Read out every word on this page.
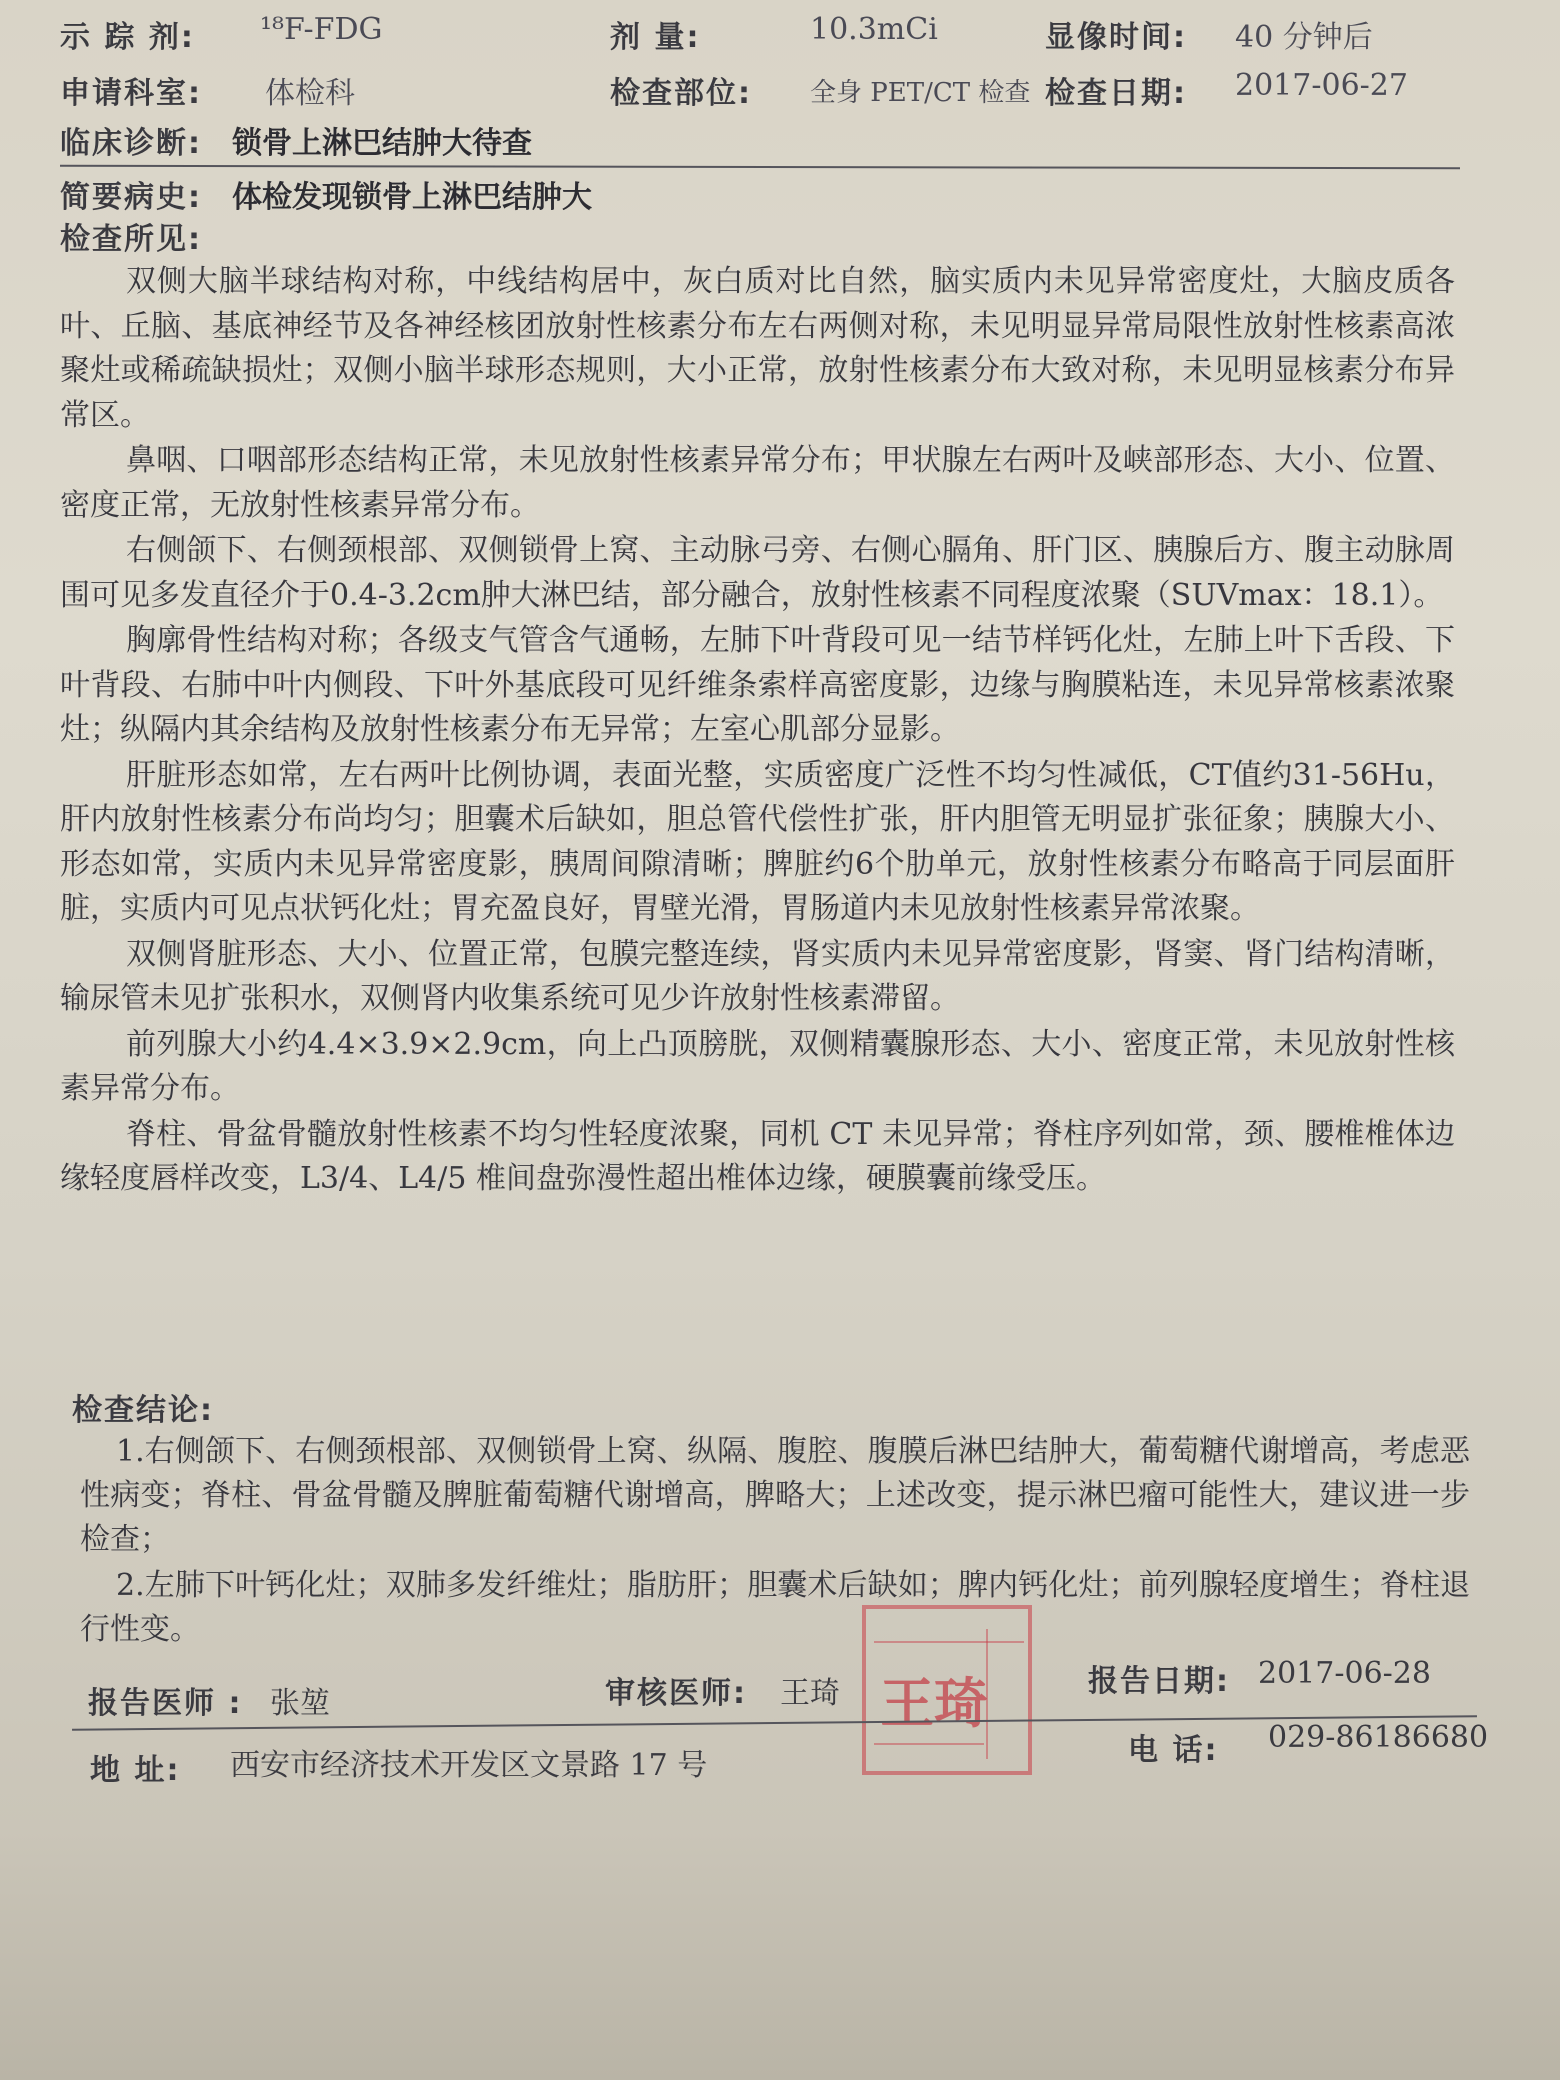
示 踪 剂: ¹⁸F-FDG	剂 量:	10.3mCi	显像时间: 40 分钟后
申请科室: 体检科	检查部位: 全身 PET/CT 检查 检查日期: 2017-06-27
临床诊断: 锁骨上淋巴结肿大待查
简要病史: 体检发现锁骨上淋巴结肿大
检查所见:

双侧大脑半球结构对称，中线结构居中，灰白质对比自然，脑实质内未见异常密度灶，大脑皮质各叶、丘脑、基底神经节及各神经核团放射性核素分布左右两侧对称，未见明显异常局限性放射性核素高浓聚灶或稀疏缺损灶；双侧小脑半球形态规则，大小正常，放射性核素分布大致对称，未见明显核素分布异常区。

鼻咽、口咽部形态结构正常，未见放射性核素异常分布；甲状腺左右两叶及峡部形态、大小、位置、密度正常，无放射性核素异常分布。

右侧颌下、右侧颈根部、双侧锁骨上窝、主动脉弓旁、右侧心膈角、肝门区、胰腺后方、腹主动脉周围可见多发直径介于0.4-3.2cm肿大淋巴结，部分融合，放射性核素不同程度浓聚（SUVmax：18.1）。

胸廓骨性结构对称；各级支气管含气通畅，左肺下叶背段可见一结节样钙化灶，左肺上叶下舌段、下叶背段、右肺中叶内侧段、下叶外基底段可见纤维条索样高密度影，边缘与胸膜粘连，未见异常核素浓聚灶；纵隔内其余结构及放射性核素分布无异常；左室心肌部分显影。

肝脏形态如常，左右两叶比例协调，表面光整，实质密度广泛性不均匀性减低，CT值约31-56Hu，肝内放射性核素分布尚均匀；胆囊术后缺如，胆总管代偿性扩张，肝内胆管无明显扩张征象；胰腺大小、形态如常，实质内未见异常密度影，胰周间隙清晰；脾脏约6个肋单元，放射性核素分布略高于同层面肝脏，实质内可见点状钙化灶；胃充盈良好，胃壁光滑，胃肠道内未见放射性核素异常浓聚。

双侧肾脏形态、大小、位置正常，包膜完整连续，肾实质内未见异常密度影，肾窦、肾门结构清晰，输尿管未见扩张积水，双侧肾内收集系统可见少许放射性核素滞留。

前列腺大小约4.4×3.9×2.9cm，向上凸顶膀胱，双侧精囊腺形态、大小、密度正常，未见放射性核素异常分布。

脊柱、骨盆骨髓放射性核素不均匀性轻度浓聚，同机 CT 未见异常；脊柱序列如常，颈、腰椎椎体边缘轻度唇样改变，L3/4、L4/5 椎间盘弥漫性超出椎体边缘，硬膜囊前缘受压。

检查结论:

1.右侧颌下、右侧颈根部、双侧锁骨上窝、纵隔、腹腔、腹膜后淋巴结肿大，葡萄糖代谢增高，考虑恶性病变；脊柱、骨盆骨髓及脾脏葡萄糖代谢增高，脾略大；上述改变，提示淋巴瘤可能性大，建议进一步检查；

2.左肺下叶钙化灶；双肺多发纤维灶；脂肪肝；胆囊术后缺如；脾内钙化灶；前列腺轻度增生；脊柱退行性变。

王琦
报告医师 : 张堃	审核医师: 王琦	报告日期: 2017-06-28
地 址: 西安市经济技术开发区文景路 17 号	电 话: 029-86186680
